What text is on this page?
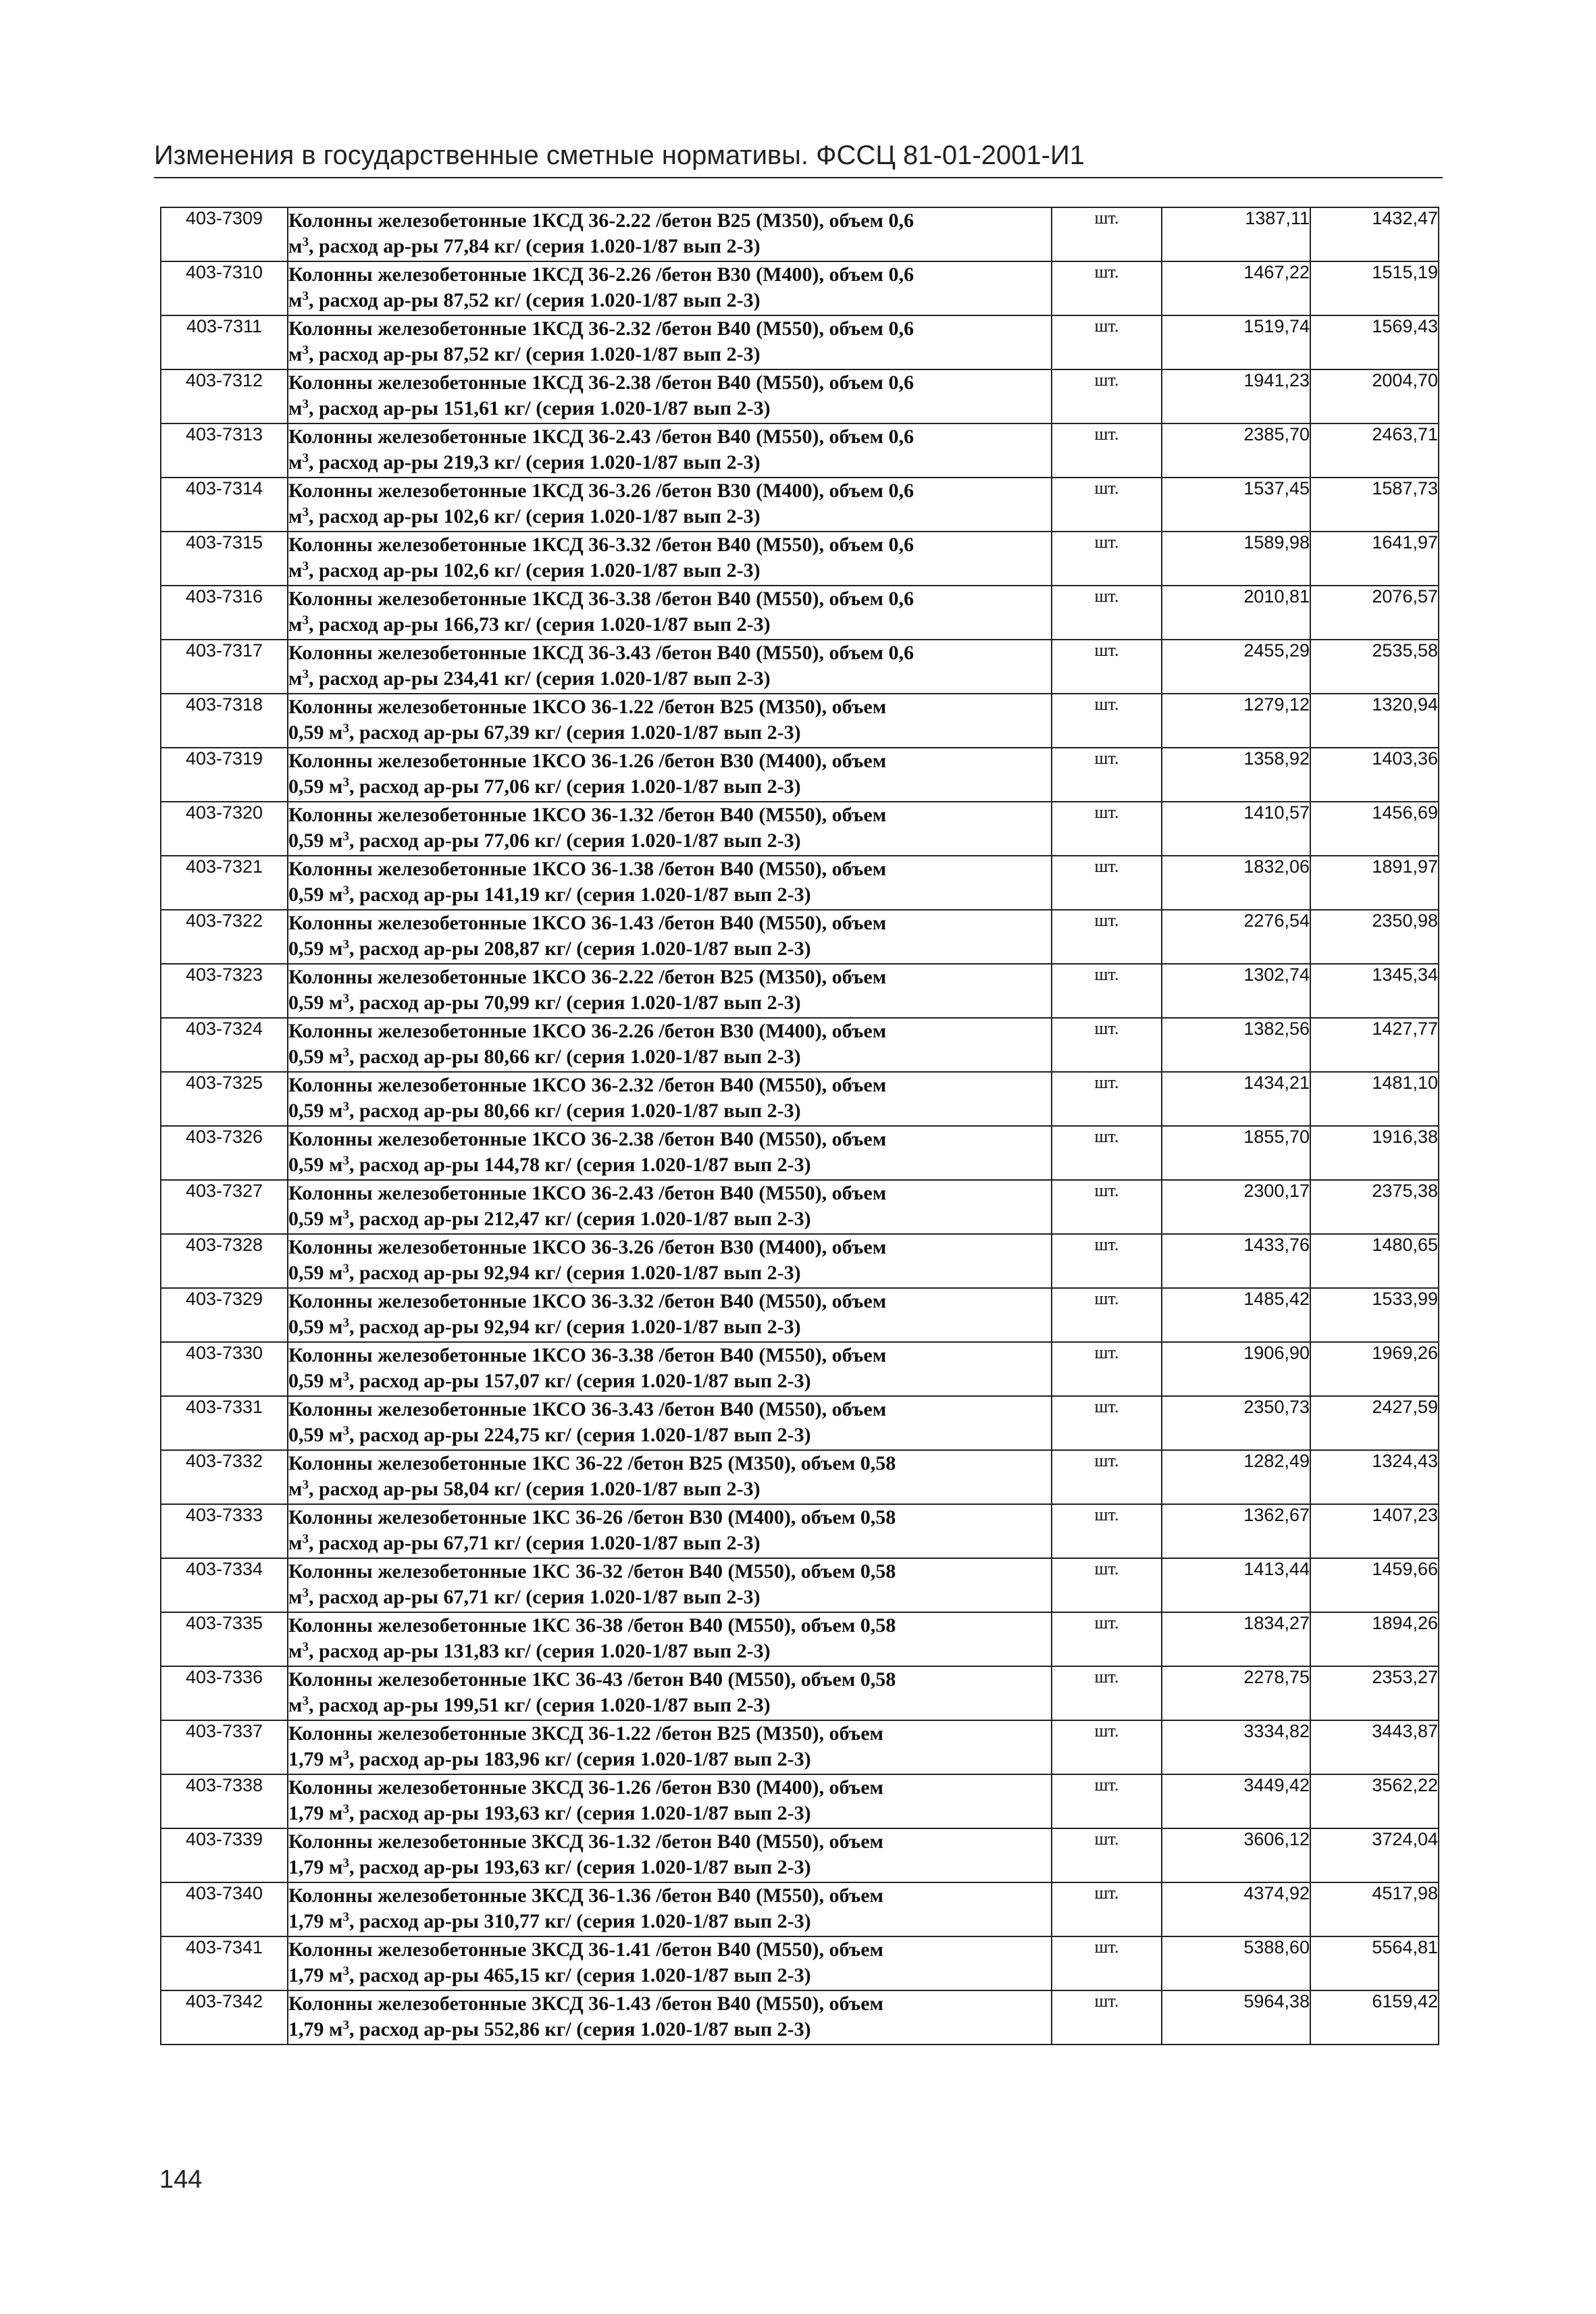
Изменения в государственные сметные нормативы. ФССЦ 81-01-2001-И1
403-7309	Колонны железобетонные 1КСД 36-2.22 /бетон В25 (М350), объем 0,6
$м^3$, расход ар-ры 77,84 кг/ (серия 1.020-1/87 вып 2-3)	шт.	1387,11	1432,47
403-7310	Колонны железобетонные 1КСД 36-2.26 /бетон В30 (М400), объем 0,6
$м^3$, расход ар-ры 87,52 кг/ (серия 1.020-1/87 вып 2-3)	шт.	1467,22	1515,19
403-7311	Колонны железобетонные 1КСД 36-2.32 /бетон В40 (М550), объем 0,6
$м^3$, расход ар-ры 87,52 кг/ (серия 1.020-1/87 вып 2-3)	шт.	1519,74	1569,43
403-7312	Колонны железобетонные 1КСД 36-2.38 /бетон В40 (М550), объем 0,6
$м^3$, расход ар-ры 151,61 кг/ (серия 1.020-1/87 вып 2-3)	шт.	1941,23	2004,70
403-7313	Колонны железобетонные 1КСД 36-2.43 /бетон В40 (М550), объем 0,6
$м^3$, расход ар-ры 219,3 кг/ (серия 1.020-1/87 вып 2-3)	шт.	2385,70	2463,71
403-7314	Колонны железобетонные 1КСД 36-3.26 /бетон В30 (М400), объем 0,6
$м^3$, расход ар-ры 102,6 кг/ (серия 1.020-1/87 вып 2-3)	шт.	1537,45	1587,73
403-7315	Колонны железобетонные 1КСД 36-3.32 /бетон В40 (М550), объем 0,6
$м^3$, расход ар-ры 102,6 кг/ (серия 1.020-1/87 вып 2-3)	шт.	1589,98	1641,97
403-7316	Колонны железобетонные 1КСД 36-3.38 /бетон В40 (М550), объем 0,6
$м^3$, расход ар-ры 166,73 кг/ (серия 1.020-1/87 вып 2-3)	шт.	2010,81	2076,57
403-7317	Колонны железобетонные 1КСД 36-3.43 /бетон В40 (М550), объем 0,6
$м^3$, расход ар-ры 234,41 кг/ (серия 1.020-1/87 вып 2-3)	шт.	2455,29	2535,58
403-7318	Колонны железобетонные 1КСО 36-1.22 /бетон В25 (М350), объем
0,59 $м^3$, расход ар-ры 67,39 кг/ (серия 1.020-1/87 вып 2-3)	шт.	1279,12	1320,94
403-7319	Колонны железобетонные 1КСО 36-1.26 /бетон В30 (М400), объем
0,59 $м^3$, расход ар-ры 77,06 кг/ (серия 1.020-1/87 вып 2-3)	шт.	1358,92	1403,36
403-7320	Колонны железобетонные 1КСО 36-1.32 /бетон В40 (М550), объем
0,59 $м^3$, расход ар-ры 77,06 кг/ (серия 1.020-1/87 вып 2-3)	шт.	1410,57	1456,69
403-7321	Колонны железобетонные 1КСО 36-1.38 /бетон В40 (М550), объем
0,59 $м^3$, расход ар-ры 141,19 кг/ (серия 1.020-1/87 вып 2-3)	шт.	1832,06	1891,97
403-7322	Колонны железобетонные 1КСО 36-1.43 /бетон В40 (М550), объем
0,59 $м^3$, расход ар-ры 208,87 кг/ (серия 1.020-1/87 вып 2-3)	шт.	2276,54	2350,98
403-7323	Колонны железобетонные 1КСО 36-2.22 /бетон В25 (М350), объем
0,59 $м^3$, расход ар-ры 70,99 кг/ (серия 1.020-1/87 вып 2-3)	шт.	1302,74	1345,34
403-7324	Колонны железобетонные 1КСО 36-2.26 /бетон В30 (М400), объем
0,59 $м^3$, расход ар-ры 80,66 кг/ (серия 1.020-1/87 вып 2-3)	шт.	1382,56	1427,77
403-7325	Колонны железобетонные 1КСО 36-2.32 /бетон В40 (М550), объем
0,59 $м^3$, расход ар-ры 80,66 кг/ (серия 1.020-1/87 вып 2-3)	шт.	1434,21	1481,10
403-7326	Колонны железобетонные 1КСО 36-2.38 /бетон В40 (М550), объем
0,59 $м^3$, расход ар-ры 144,78 кг/ (серия 1.020-1/87 вып 2-3)	шт.	1855,70	1916,38
403-7327	Колонны железобетонные 1КСО 36-2.43 /бетон В40 (М550), объем
0,59 $м^3$, расход ар-ры 212,47 кг/ (серия 1.020-1/87 вып 2-3)	шт.	2300,17	2375,38
403-7328	Колонны железобетонные 1КСО 36-3.26 /бетон В30 (М400), объем
0,59 $м^3$, расход ар-ры 92,94 кг/ (серия 1.020-1/87 вып 2-3)	шт.	1433,76	1480,65
403-7329	Колонны железобетонные 1КСО 36-3.32 /бетон В40 (М550), объем
0,59 $м^3$, расход ар-ры 92,94 кг/ (серия 1.020-1/87 вып 2-3)	шт.	1485,42	1533,99
403-7330	Колонны железобетонные 1КСО 36-3.38 /бетон В40 (М550), объем
0,59 $м^3$, расход ар-ры 157,07 кг/ (серия 1.020-1/87 вып 2-3)	шт.	1906,90	1969,26
403-7331	Колонны железобетонные 1КСО 36-3.43 /бетон В40 (М550), объем
0,59 $м^3$, расход ар-ры 224,75 кг/ (серия 1.020-1/87 вып 2-3)	шт.	2350,73	2427,59
403-7332	Колонны железобетонные 1КС 36-22 /бетон В25 (М350), объем 0,58
$м^3$, расход ар-ры 58,04 кг/ (серия 1.020-1/87 вып 2-3)	шт.	1282,49	1324,43
403-7333	Колонны железобетонные 1КС 36-26 /бетон В30 (М400), объем 0,58
$м^3$, расход ар-ры 67,71 кг/ (серия 1.020-1/87 вып 2-3)	шт.	1362,67	1407,23
403-7334	Колонны железобетонные 1КС 36-32 /бетон В40 (М550), объем 0,58
$м^3$, расход ар-ры 67,71 кг/ (серия 1.020-1/87 вып 2-3)	шт.	1413,44	1459,66
403-7335	Колонны железобетонные 1КС 36-38 /бетон В40 (М550), объем 0,58
$м^3$, расход ар-ры 131,83 кг/ (серия 1.020-1/87 вып 2-3)	шт.	1834,27	1894,26
403-7336	Колонны железобетонные 1КС 36-43 /бетон В40 (М550), объем 0,58
$м^3$, расход ар-ры 199,51 кг/ (серия 1.020-1/87 вып 2-3)	шт.	2278,75	2353,27
403-7337	Колонны железобетонные 3КСД 36-1.22 /бетон В25 (М350), объем
1,79 $м^3$, расход ар-ры 183,96 кг/ (серия 1.020-1/87 вып 2-3)	шт.	3334,82	3443,87
403-7338	Колонны железобетонные 3КСД 36-1.26 /бетон В30 (М400), объем
1,79 $м^3$, расход ар-ры 193,63 кг/ (серия 1.020-1/87 вып 2-3)	шт.	3449,42	3562,22
403-7339	Колонны железобетонные 3КСД 36-1.32 /бетон В40 (М550), объем
1,79 $м^3$, расход ар-ры 193,63 кг/ (серия 1.020-1/87 вып 2-3)	шт.	3606,12	3724,04
403-7340	Колонны железобетонные 3КСД 36-1.36 /бетон В40 (М550), объем
1,79 $м^3$, расход ар-ры 310,77 кг/ (серия 1.020-1/87 вып 2-3)	шт.	4374,92	4517,98
403-7341	Колонны железобетонные 3КСД 36-1.41 /бетон В40 (М550), объем
1,79 $м^3$, расход ар-ры 465,15 кг/ (серия 1.020-1/87 вып 2-3)	шт.	5388,60	5564,81
403-7342	Колонны железобетонные 3КСД 36-1.43 /бетон В40 (М550), объем
1,79 $м^3$, расход ар-ры 552,86 кг/ (серия 1.020-1/87 вып 2-3)	шт.	5964,38	6159,42
144
